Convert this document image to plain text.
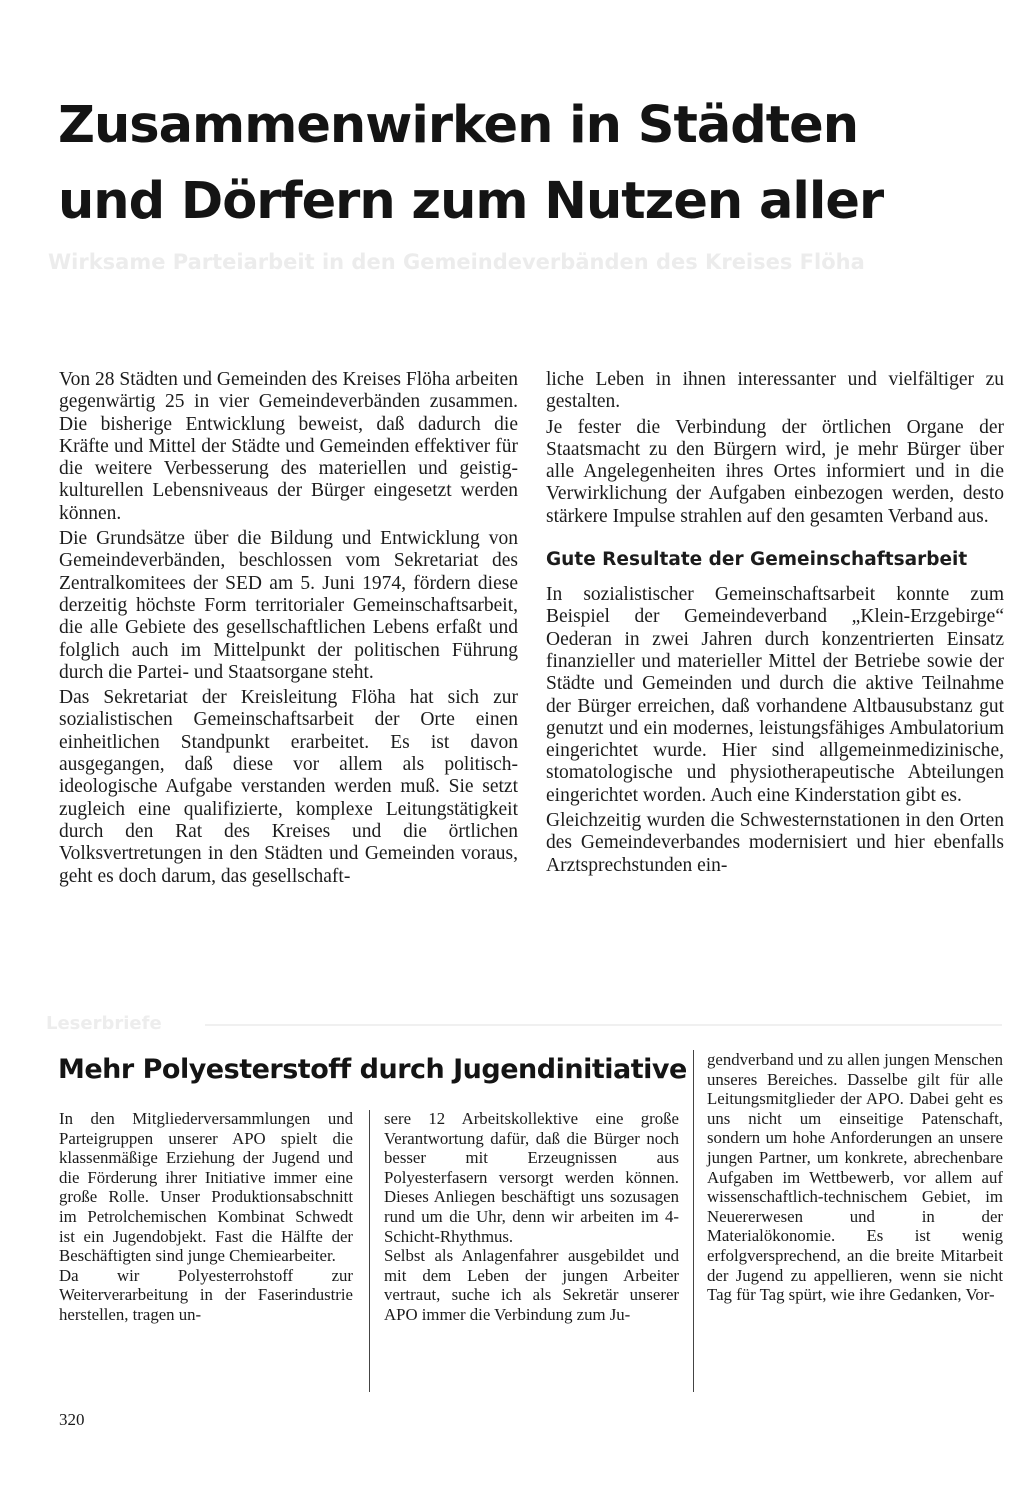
Zusammenwirken in Städten
und Dörfern zum Nutzen aller
Wirksame Parteiarbeit in den Gemeindeverbänden des Kreises Flöha

Von 28 Städten und Gemeinden des Kreises Flöha arbeiten gegenwärtig 25 in vier Gemeindeverbänden zusammen. Die bisherige Entwicklung beweist, daß dadurch die Kräfte und Mittel der Städte und Gemeinden effektiver für die weitere Verbesserung des materiellen und geistig-kulturellen Lebensniveaus der Bürger eingesetzt werden können.

Die Grundsätze über die Bildung und Entwicklung von Gemeindeverbänden, beschlossen vom Sekretariat des Zentralkomitees der SED am 5. Juni 1974, fördern diese derzeitig höchste Form territorialer Gemeinschaftsarbeit, die alle Gebiete des gesellschaftlichen Lebens erfaßt und folglich auch im Mittelpunkt der politischen Führung durch die Partei- und Staatsorgane steht.

Das Sekretariat der Kreisleitung Flöha hat sich zur sozialistischen Gemeinschaftsarbeit der Orte einen einheitlichen Standpunkt erarbeitet. Es ist davon ausgegangen, daß diese vor allem als politisch-ideologische Aufgabe verstanden werden muß. Sie setzt zugleich eine qualifizierte, komplexe Leitungstätigkeit durch den Rat des Kreises und die örtlichen Volksvertretungen in den Städten und Gemeinden voraus, geht es doch darum, das gesellschaft-

liche Leben in ihnen interessanter und vielfältiger zu gestalten.

Je fester die Verbindung der örtlichen Organe der Staatsmacht zu den Bürgern wird, je mehr Bürger über alle Angelegenheiten ihres Ortes informiert und in die Verwirklichung der Aufgaben einbezogen werden, desto stärkere Impulse strahlen auf den gesamten Verband aus.

Gute Resultate der Gemeinschaftsarbeit

In sozialistischer Gemeinschaftsarbeit konnte zum Beispiel der Gemeindeverband „Klein-Erzgebirge“ Oederan in zwei Jahren durch konzentrierten Einsatz finanzieller und materieller Mittel der Betriebe sowie der Städte und Gemeinden und durch die aktive Teilnahme der Bürger erreichen, daß vorhandene Altbausubstanz gut genutzt und ein modernes, leistungsfähiges Ambulatorium eingerichtet wurde. Hier sind allgemeinmedizinische, stomatologische und physiotherapeutische Abteilungen eingerichtet worden. Auch eine Kinderstation gibt es.

Gleichzeitig wurden die Schwesternstationen in den Orten des Gemeindeverbandes modernisiert und hier ebenfalls Arztsprechstunden ein-

Leserbriefe
Mehr Polyesterstoff durch Jugendinitiative

In den Mitgliederversammlungen und Parteigruppen unserer APO spielt die klassenmäßige Erziehung der Jugend und die Förderung ihrer Initiative immer eine große Rolle. Unser Produktionsabschnitt im Petrolchemischen Kombinat Schwedt ist ein Jugendobjekt. Fast die Hälfte der Beschäftigten sind junge Chemiearbeiter.

Da wir Polyesterrohstoff zur Weiterverarbeitung in der Faserindustrie herstellen, tragen un-

sere 12 Arbeitskollektive eine große Verantwortung dafür, daß die Bürger noch besser mit Erzeugnissen aus Polyesterfasern versorgt werden können. Dieses Anliegen beschäftigt uns sozusagen rund um die Uhr, denn wir arbeiten im 4-Schicht-Rhythmus.

Selbst als Anlagenfahrer ausgebildet und mit dem Leben der jungen Arbeiter vertraut, suche ich als Sekretär unserer APO immer die Verbindung zum Ju-

gendverband und zu allen jungen Menschen unseres Bereiches. Dasselbe gilt für alle Leitungsmitglieder der APO. Dabei geht es uns nicht um einseitige Patenschaft, sondern um hohe Anforderungen an unsere jungen Partner, um konkrete, abrechenbare Aufgaben im Wettbewerb, vor allem auf wissenschaftlich-technischem Gebiet, im Neuererwesen und in der Materialökonomie. Es ist wenig erfolgversprechend, an die breite Mitarbeit der Jugend zu appellieren, wenn sie nicht Tag für Tag spürt, wie ihre Gedanken, Vor-

320
